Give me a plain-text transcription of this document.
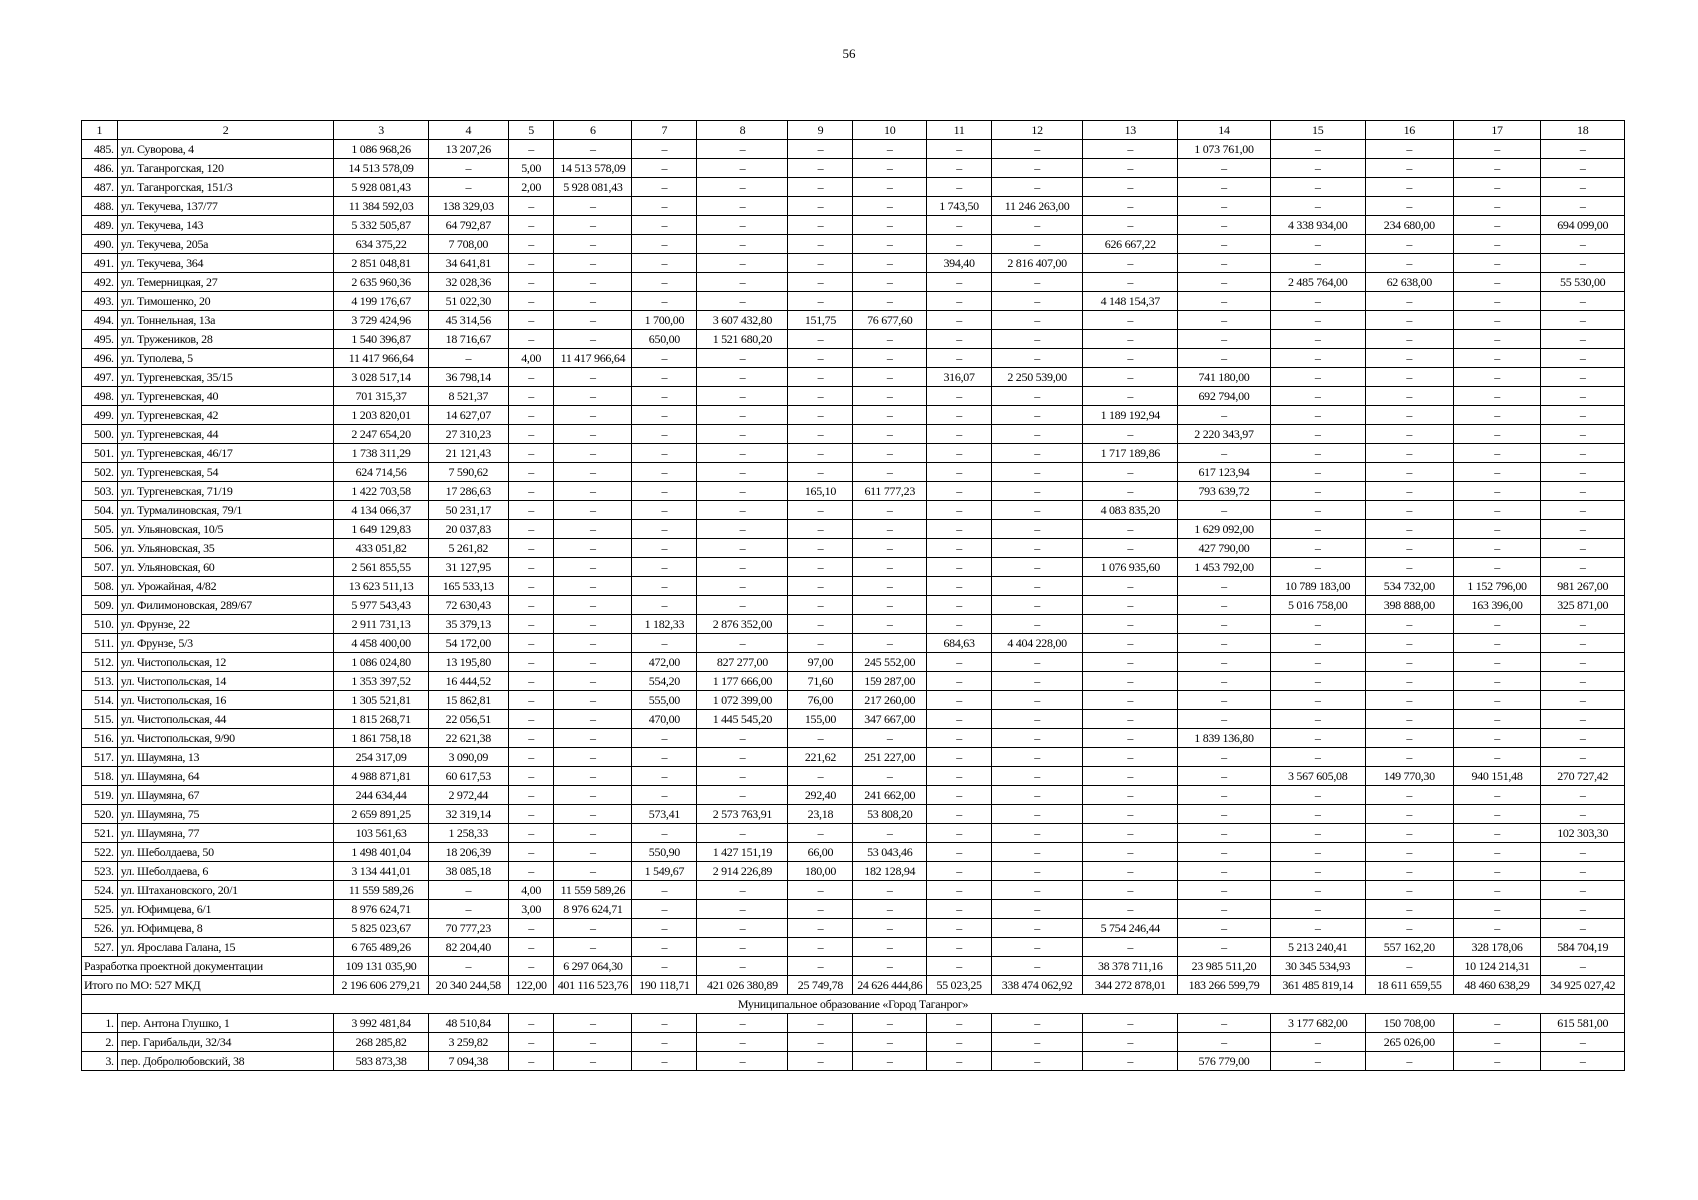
56
1	2	3	4	5	6	7	8	9	10	11	12	13	14	15	16	17	18
485.	ул. Суворова, 4	1 086 968,26	13 207,26	–	–	–	–	–	–	–	–	–	1 073 761,00	–	–	–	–
486.	ул. Таганрогская, 120	14 513 578,09	–	5,00	14 513 578,09	–	–	–	–	–	–	–	–	–	–	–	–
487.	ул. Таганрогская, 151/3	5 928 081,43	–	2,00	5 928 081,43	–	–	–	–	–	–	–	–	–	–	–	–
488.	ул. Текучева, 137/77	11 384 592,03	138 329,03	–	–	–	–	–	–	1 743,50	11 246 263,00	–	–	–	–	–	–
489.	ул. Текучева, 143	5 332 505,87	64 792,87	–	–	–	–	–	–	–	–	–	–	4 338 934,00	234 680,00	–	694 099,00
490.	ул. Текучева, 205а	634 375,22	7 708,00	–	–	–	–	–	–	–	–	626 667,22	–	–	–	–	–
491.	ул. Текучева, 364	2 851 048,81	34 641,81	–	–	–	–	–	–	394,40	2 816 407,00	–	–	–	–	–	–
492.	ул. Темерницкая, 27	2 635 960,36	32 028,36	–	–	–	–	–	–	–	–	–	–	2 485 764,00	62 638,00	–	55 530,00
493.	ул. Тимошенко, 20	4 199 176,67	51 022,30	–	–	–	–	–	–	–	–	4 148 154,37	–	–	–	–	–
494.	ул. Тоннельная, 13а	3 729 424,96	45 314,56	–	–	1 700,00	3 607 432,80	151,75	76 677,60	–	–	–	–	–	–	–	–
495.	ул. Тружеников, 28	1 540 396,87	18 716,67	–	–	650,00	1 521 680,20	–	–	–	–	–	–	–	–	–	–
496.	ул. Туполева, 5	11 417 966,64	–	4,00	11 417 966,64	–	–	–	–	–	–	–	–	–	–	–	–
497.	ул. Тургеневская, 35/15	3 028 517,14	36 798,14	–	–	–	–	–	–	316,07	2 250 539,00	–	741 180,00	–	–	–	–
498.	ул. Тургеневская, 40	701 315,37	8 521,37	–	–	–	–	–	–	–	–	–	692 794,00	–	–	–	–
499.	ул. Тургеневская, 42	1 203 820,01	14 627,07	–	–	–	–	–	–	–	–	1 189 192,94	–	–	–	–	–
500.	ул. Тургеневская, 44	2 247 654,20	27 310,23	–	–	–	–	–	–	–	–	–	2 220 343,97	–	–	–	–
501.	ул. Тургеневская, 46/17	1 738 311,29	21 121,43	–	–	–	–	–	–	–	–	1 717 189,86	–	–	–	–	–
502.	ул. Тургеневская, 54	624 714,56	7 590,62	–	–	–	–	–	–	–	–	–	617 123,94	–	–	–	–
503.	ул. Тургеневская, 71/19	1 422 703,58	17 286,63	–	–	–	–	165,10	611 777,23	–	–	–	793 639,72	–	–	–	–
504.	ул. Турмалиновская, 79/1	4 134 066,37	50 231,17	–	–	–	–	–	–	–	–	4 083 835,20	–	–	–	–	–
505.	ул. Ульяновская, 10/5	1 649 129,83	20 037,83	–	–	–	–	–	–	–	–	–	1 629 092,00	–	–	–	–
506.	ул. Ульяновская, 35	433 051,82	5 261,82	–	–	–	–	–	–	–	–	–	427 790,00	–	–	–	–
507.	ул. Ульяновская, 60	2 561 855,55	31 127,95	–	–	–	–	–	–	–	–	1 076 935,60	1 453 792,00	–	–	–	–
508.	ул. Урожайная, 4/82	13 623 511,13	165 533,13	–	–	–	–	–	–	–	–	–	–	10 789 183,00	534 732,00	1 152 796,00	981 267,00
509.	ул. Филимоновская, 289/67	5 977 543,43	72 630,43	–	–	–	–	–	–	–	–	–	–	5 016 758,00	398 888,00	163 396,00	325 871,00
510.	ул. Фрунзе, 22	2 911 731,13	35 379,13	–	–	1 182,33	2 876 352,00	–	–	–	–	–	–	–	–	–	–
511.	ул. Фрунзе, 5/3	4 458 400,00	54 172,00	–	–	–	–	–	–	684,63	4 404 228,00	–	–	–	–	–	–
512.	ул. Чистопольская, 12	1 086 024,80	13 195,80	–	–	472,00	827 277,00	97,00	245 552,00	–	–	–	–	–	–	–	–
513.	ул. Чистопольская, 14	1 353 397,52	16 444,52	–	–	554,20	1 177 666,00	71,60	159 287,00	–	–	–	–	–	–	–	–
514.	ул. Чистопольская, 16	1 305 521,81	15 862,81	–	–	555,00	1 072 399,00	76,00	217 260,00	–	–	–	–	–	–	–	–
515.	ул. Чистопольская, 44	1 815 268,71	22 056,51	–	–	470,00	1 445 545,20	155,00	347 667,00	–	–	–	–	–	–	–	–
516.	ул. Чистопольская, 9/90	1 861 758,18	22 621,38	–	–	–	–	–	–	–	–	–	1 839 136,80	–	–	–	–
517.	ул. Шаумяна, 13	254 317,09	3 090,09	–	–	–	–	221,62	251 227,00	–	–	–	–	–	–	–	–
518.	ул. Шаумяна, 64	4 988 871,81	60 617,53	–	–	–	–	–	–	–	–	–	–	3 567 605,08	149 770,30	940 151,48	270 727,42
519.	ул. Шаумяна, 67	244 634,44	2 972,44	–	–	–	–	292,40	241 662,00	–	–	–	–	–	–	–	–
520.	ул. Шаумяна, 75	2 659 891,25	32 319,14	–	–	573,41	2 573 763,91	23,18	53 808,20	–	–	–	–	–	–	–	–
521.	ул. Шаумяна, 77	103 561,63	1 258,33	–	–	–	–	–	–	–	–	–	–	–	–	–	102 303,30
522.	ул. Шеболдаева, 50	1 498 401,04	18 206,39	–	–	550,90	1 427 151,19	66,00	53 043,46	–	–	–	–	–	–	–	–
523.	ул. Шеболдаева, 6	3 134 441,01	38 085,18	–	–	1 549,67	2 914 226,89	180,00	182 128,94	–	–	–	–	–	–	–	–
524.	ул. Штахановского, 20/1	11 559 589,26	–	4,00	11 559 589,26	–	–	–	–	–	–	–	–	–	–	–	–
525.	ул. Юфимцева, 6/1	8 976 624,71	–	3,00	8 976 624,71	–	–	–	–	–	–	–	–	–	–	–	–
526.	ул. Юфимцева, 8	5 825 023,67	70 777,23	–	–	–	–	–	–	–	–	5 754 246,44	–	–	–	–	–
527.	ул. Ярослава Галана, 15	6 765 489,26	82 204,40	–	–	–	–	–	–	–	–	–	–	5 213 240,41	557 162,20	328 178,06	584 704,19
Разработка проектной документации		109 131 035,90	–	–	6 297 064,30	–	–	–	–	–	–	38 378 711,16	23 985 511,20	30 345 534,93	–	10 124 214,31	–
Итого по МО: 527 МКД		2 196 606 279,21	20 340 244,58	122,00	401 116 523,76	190 118,71	421 026 380,89	25 749,78	24 626 444,86	55 023,25	338 474 062,92	344 272 878,01	183 266 599,79	361 485 819,14	18 611 659,55	48 460 638,29	34 925 027,42
Муниципальное образование «Город Таганрог»																	
1.	пер. Антона Глушко, 1	3 992 481,84	48 510,84	–	–	–	–	–	–	–	–	–	–	3 177 682,00	150 708,00	–	615 581,00
2.	пер. Гарибальди, 32/34	268 285,82	3 259,82	–	–	–	–	–	–	–	–	–	–	–	265 026,00	–	–
3.	пер. Добролюбовский, 38	583 873,38	7 094,38	–	–	–	–	–	–	–	–	–	576 779,00	–	–	–	–
